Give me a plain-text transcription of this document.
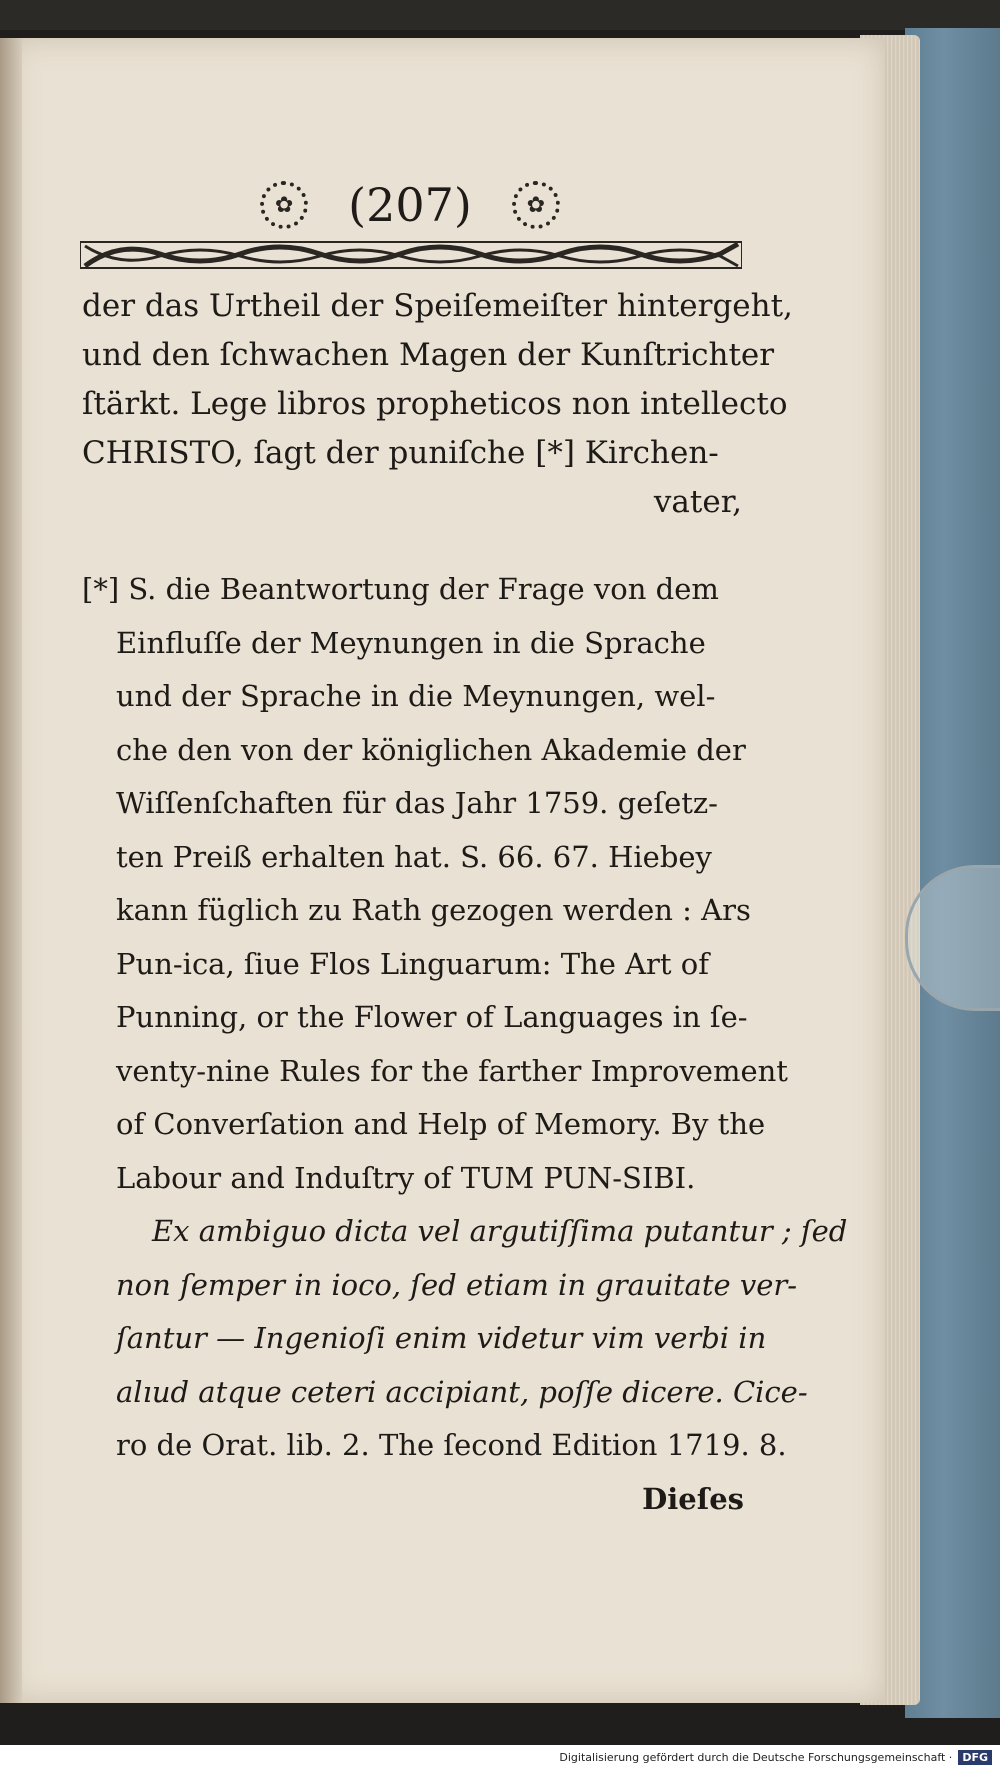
✿ (207) ✿
der das Urtheil der Speiſemeiſter hintergeht,
und den ſchwachen Magen der Kunſtrichter
ſtärkt. Lege libros propheticos non intellecto
CHRISTO, ſagt der puniſche [*] Kirchen-
vater,
[*] S. die Beantwortung der Frage von dem
Einfluſſe der Meynungen in die Sprache
und der Sprache in die Meynungen, wel-
che den von der königlichen Akademie der
Wiſſenſchaften für das Jahr 1759. geſetz-
ten Preiß erhalten hat. S. 66. 67. Hiebey
kann füglich zu Rath gezogen werden : Ars
Pun-ica, ſiue Flos Linguarum: The Art of
Punning, or the Flower of Languages in ſe-
venty-nine Rules for the farther Improvement
of Converſation and Help of Memory. By the
Labour and Induſtry of TUM PUN-SIBI.
Ex ambiguo dicta vel argutiſſima putantur ; ſed
non ſemper in ioco, ſed etiam in grauitate ver-
ſantur — Ingenioſi enim videtur vim verbi in
alıud atque ceteri accipiant, poſſe dicere. Cice-
ro de Orat. lib. 2. The ſecond Edition 1719. 8.
Dieſes
Digitalisierung gefördert durch die Deutsche Forschungsgemeinschaft · DFG
